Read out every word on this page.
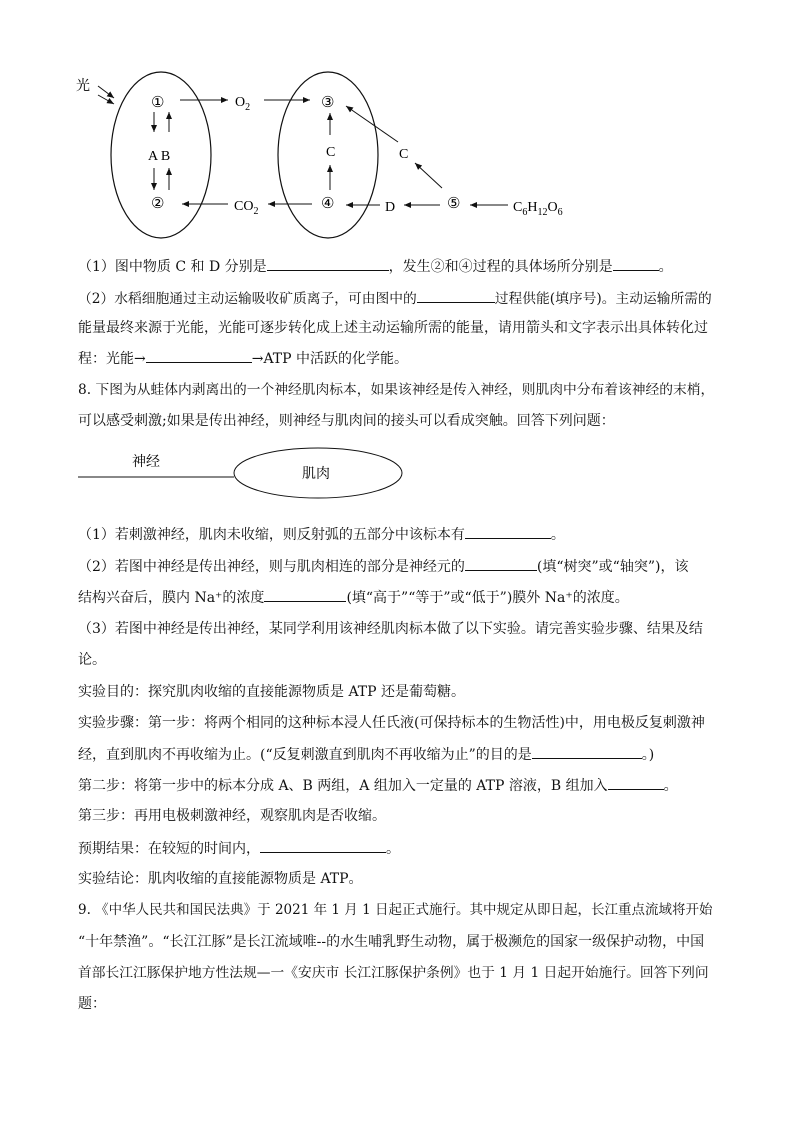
光
①
②
A B
$O_2$	③
C
④
$CO_2$
C
⑤
D	$C_6H_{12}O_6$
（1）图中物质 C 和 D 分别是	，发生②和④过程的具体场所分别是	。
（2）水稻细胞通过主动运输吸收矿质离子，可由图中的	过程供能(填序号)。主动运输所需的
能量最终来源于光能，光能可逐步转化成上述主动运输所需的能量，请用箭头和文字表示出具体转化过
程：光能→	→ATP 中活跃的化学能。
8. 下图为从蛙体内剥离出的一个神经肌肉标本，如果该神经是传入神经，则肌肉中分布着该神经的末梢，
可以感受刺激;如果是传出神经，则神经与肌肉间的接头可以看成突触。回答下列问题：
神经
肌肉
（1）若刺激神经，肌肉未收缩，则反射弧的五部分中该标本有	。
（2）若图中神经是传出神经，则与肌肉相连的部分是神经元的	(填“树突”或“轴突”)，该
结构兴奋后，膜内 Na⁺的浓度	(填“高于”“等于”或“低于”)膜外 Na⁺的浓度。
（3）若图中神经是传出神经，某同学利用该神经肌肉标本做了以下实验。请完善实验步骤、结果及结
论。
实验目的：探究肌肉收缩的直接能源物质是 ATP 还是葡萄糖。
实验步骤：第一步：将两个相同的这种标本浸人任氏液(可保持标本的生物活性)中，用电极反复刺激神
经，直到肌肉不再收缩为止。(“反复刺激直到肌肉不再收缩为止”的目的是	。)
第二步：将第一步中的标本分成 A、B 两组，A 组加入一定量的 ATP 溶液，B 组加入	。
第三步：再用电极刺激神经，观察肌肉是否收缩。
预期结果：在较短的时间内，	。
实验结论：肌肉收缩的直接能源物质是 ATP。
9. 《中华人民共和国民法典》于 2021 年 1 月 1 日起正式施行。其中规定从即日起，长江重点流域将开始
“十年禁渔”。“长江江豚”是长江流域唯--的水生哺乳野生动物，属于极濒危的国家一级保护动物，中国
首部长江江豚保护地方性法规—一《安庆市 长江江豚保护条例》也于 1 月 1 日起开始施行。回答下列问
题：
